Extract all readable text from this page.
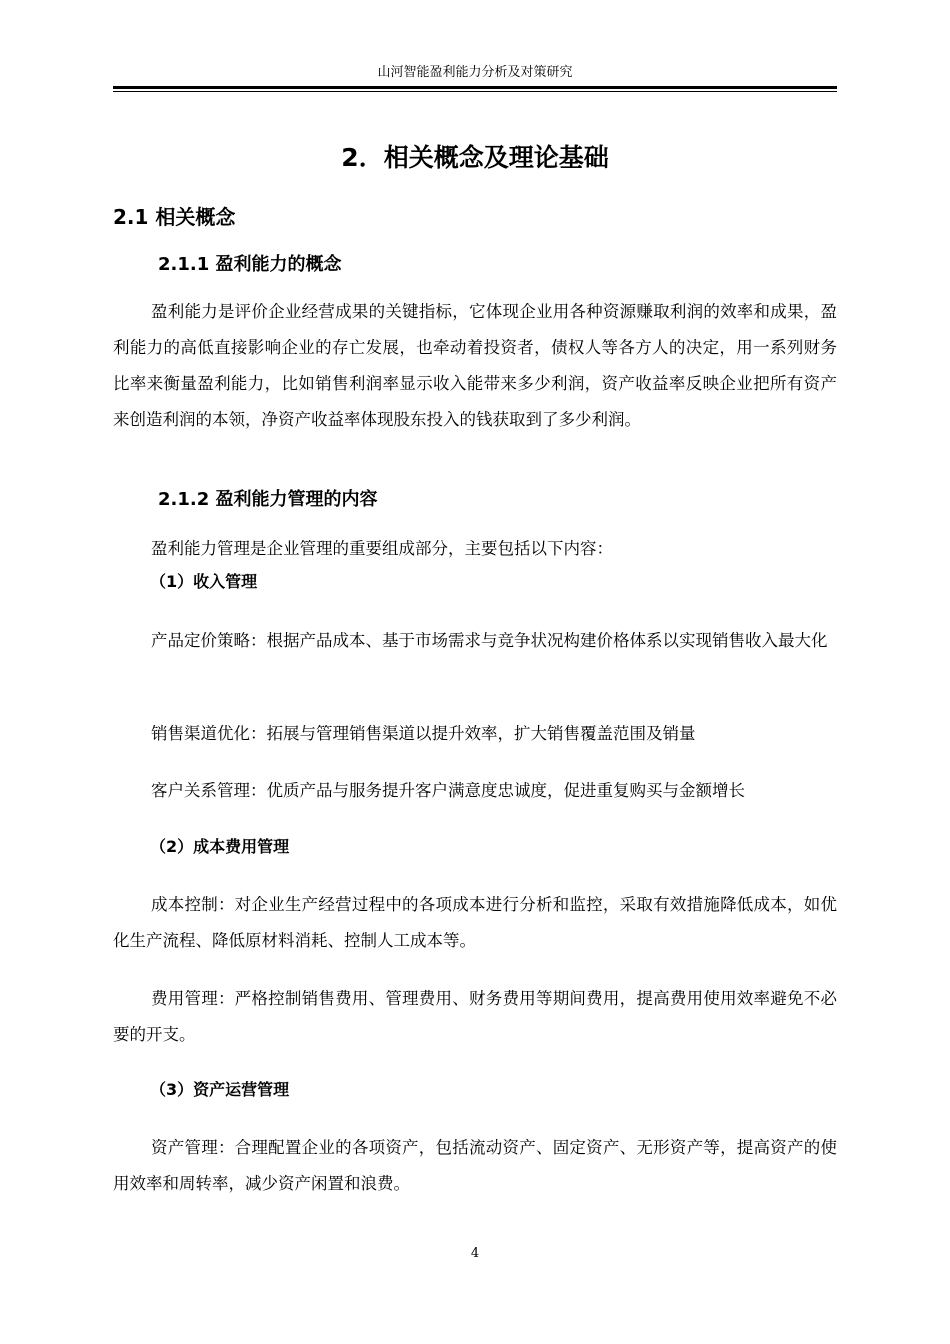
山河智能盈利能力分析及对策研究
2．相关概念及理论基础
2.1 相关概念
2.1.1 盈利能力的概念

盈利能力是评价企业经营成果的关键指标，它体现企业用各种资源赚取利润的效率和成果，盈利能力的高低直接影响企业的存亡发展，也牵动着投资者，债权人等各方人的决定，用一系列财务比率来衡量盈利能力，比如销售利润率显示收入能带来多少利润，资产收益率反映企业把所有资产来创造利润的本领，净资产收益率体现股东投入的钱获取到了多少利润。

2.1.2 盈利能力管理的内容

盈利能力管理是企业管理的重要组成部分，主要包括以下内容：

（1）收入管理

产品定价策略：根据产品成本、基于市场需求与竞争状况构建价格体系以实现销售收入最大化

销售渠道优化：拓展与管理销售渠道以提升效率，扩大销售覆盖范围及销量

客户关系管理：优质产品与服务提升客户满意度忠诚度，促进重复购买与金额增长

（2）成本费用管理

成本控制：对企业生产经营过程中的各项成本进行分析和监控，采取有效措施降低成本，如优化生产流程、降低原材料消耗、控制人工成本等。

费用管理：严格控制销售费用、管理费用、财务费用等期间费用，提高费用使用效率避免不必要的开支。

（3）资产运营管理

资产管理：合理配置企业的各项资产，包括流动资产、固定资产、无形资产等，提高资产的使用效率和周转率，减少资产闲置和浪费。

4
